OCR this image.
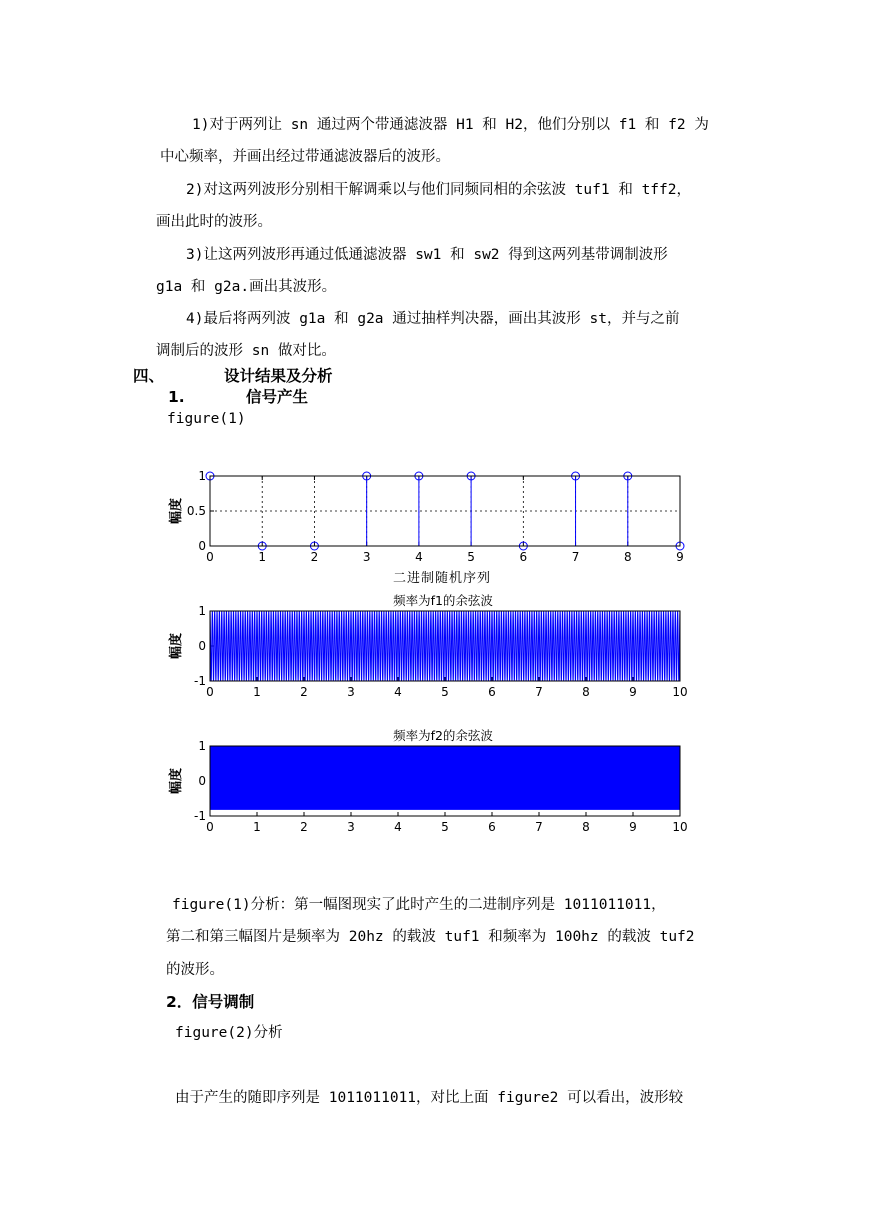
1)对于两列让 sn 通过两个带通滤波器 H1 和 H2，他们分别以 f1 和 f2 为
中心频率，并画出经过带通滤波器后的波形。
2)对这两列波形分别相干解调乘以与他们同频同相的余弦波 tuf1 和 tff2，
画出此时的波形。
3)让这两列波形再通过低通滤波器 sw1 和 sw2 得到这两列基带调制波形
g1a 和 g2a.画出其波形。
4)最后将两列波 g1a 和 g2a 通过抽样判决器，画出其波形 st，并与之前
调制后的波形 sn 做对比。
四、	设计结果及分析
1.	信号产生
figure(1)
0	1	2	3	4	5	6	7	8	9
0
0.5
1
幅度
二进制随机序列
0	1	2	3	4	5	6	7	8	9	10
-1
0
1
幅度
频率为f1的余弦波
0	1	2	3	4	5	6	7	8	9	10
-1
0
1
幅度
频率为f2的余弦波
figure(1)分析：第一幅图现实了此时产生的二进制序列是 1011011011，
第二和第三幅图片是频率为 20hz 的载波 tuf1 和频率为 100hz 的载波 tuf2
的波形。
2．信号调制
figure(2)分析
由于产生的随即序列是 1011011011，对比上面 figure2 可以看出，波形较
